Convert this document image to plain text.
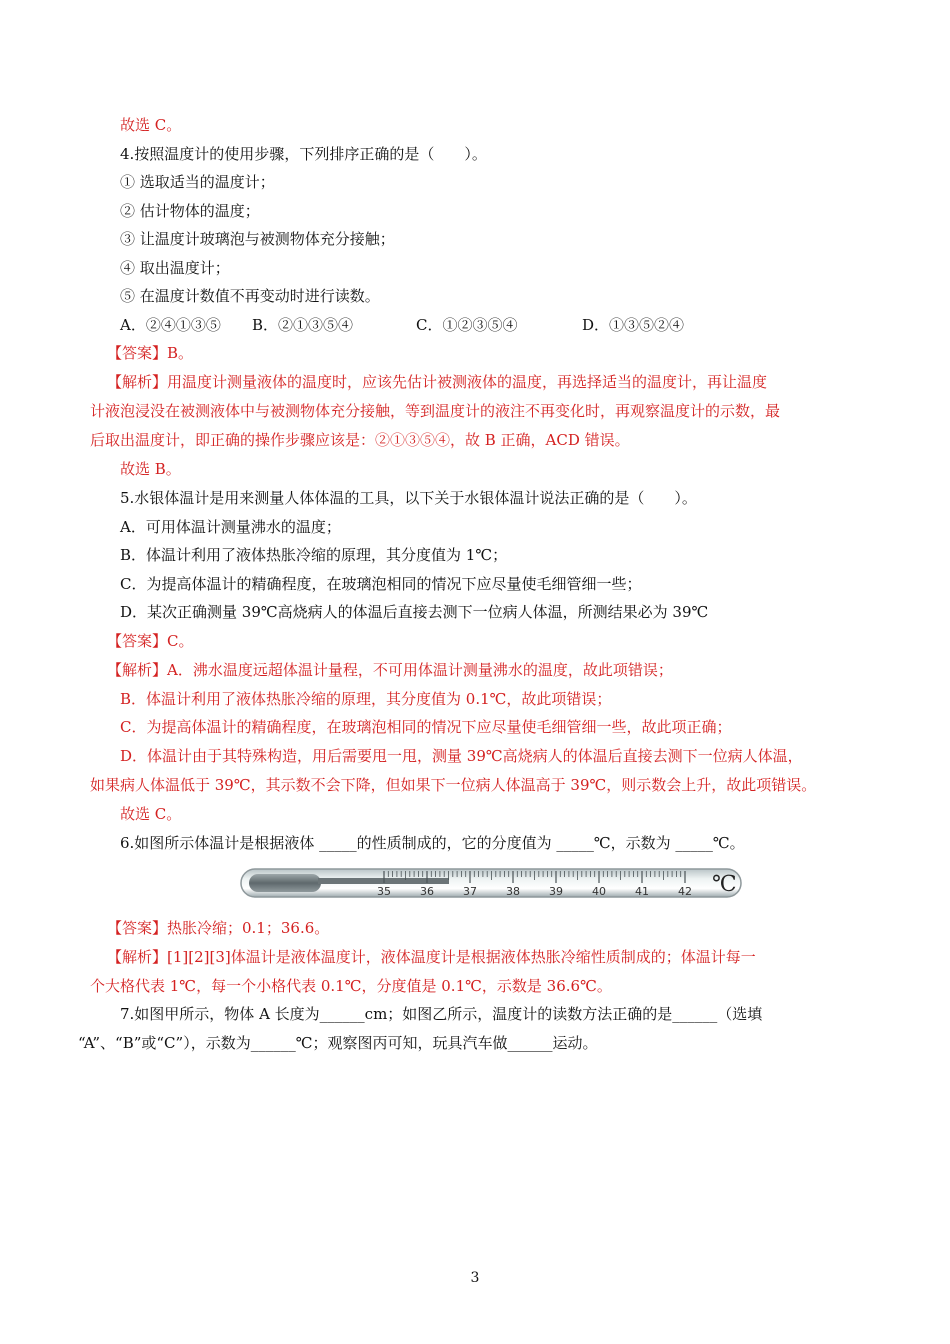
故选 C。
4.按照温度计的使用步骤，下列排序正确的是（　　）。
① 选取适当的温度计；
② 估计物体的温度；
③ 让温度计玻璃泡与被测物体充分接触；
④ 取出温度计；
⑤ 在温度计数值不再变动时进行读数。
A．②④①③⑤ B．②①③⑤④	C．①②③⑤④	D．①③⑤②④
【答案】B。
【解析】用温度计测量液体的温度时，应该先估计被测液体的温度，再选择适当的温度计，再让温度
计液泡浸没在被测液体中与被测物体充分接触，等到温度计的液注不再变化时，再观察温度计的示数，最
后取出温度计，即正确的操作步骤应该是：②①③⑤④，故 B 正确，ACD 错误。
故选 B。
5.水银体温计是用来测量人体体温的工具，以下关于水银体温计说法正确的是（　　）。
A．可用体温计测量沸水的温度；
B．体温计利用了液体热胀冷缩的原理，其分度值为 1℃；
C．为提高体温计的精确程度，在玻璃泡相同的情况下应尽量使毛细管细一些；
D．某次正确测量 39℃高烧病人的体温后直接去测下一位病人体温，所测结果必为 39℃
【答案】C。
【解析】A．沸水温度远超体温计量程，不可用体温计测量沸水的温度，故此项错误；
B．体温计利用了液体热胀冷缩的原理，其分度值为 0.1℃，故此项错误；
C．为提高体温计的精确程度，在玻璃泡相同的情况下应尽量使毛细管细一些，故此项正确；
D．体温计由于其特殊构造，用后需要甩一甩，测量 39℃高烧病人的体温后直接去测下一位病人体温，
如果病人体温低于 39℃，其示数不会下降，但如果下一位病人体温高于 39℃，则示数会上升，故此项错误。
故选 C。
6.如图所示体温计是根据液体 _____的性质制成的，它的分度值为 _____℃，示数为 _____℃。
35	36	37	38	39	40	41	42 ℃
【答案】热胀冷缩；0.1；36.6。
【解析】[1][2][3]体温计是液体温度计，液体温度计是根据液体热胀冷缩性质制成的；体温计每一
个大格代表 1℃，每一个小格代表 0.1℃，分度值是 0.1℃，示数是 36.6℃。
7.如图甲所示，物体 A 长度为______cm；如图乙所示，温度计的读数方法正确的是______（选填
“A”、“B”或“C”），示数为______℃；观察图丙可知，玩具汽车做______运动。
3
